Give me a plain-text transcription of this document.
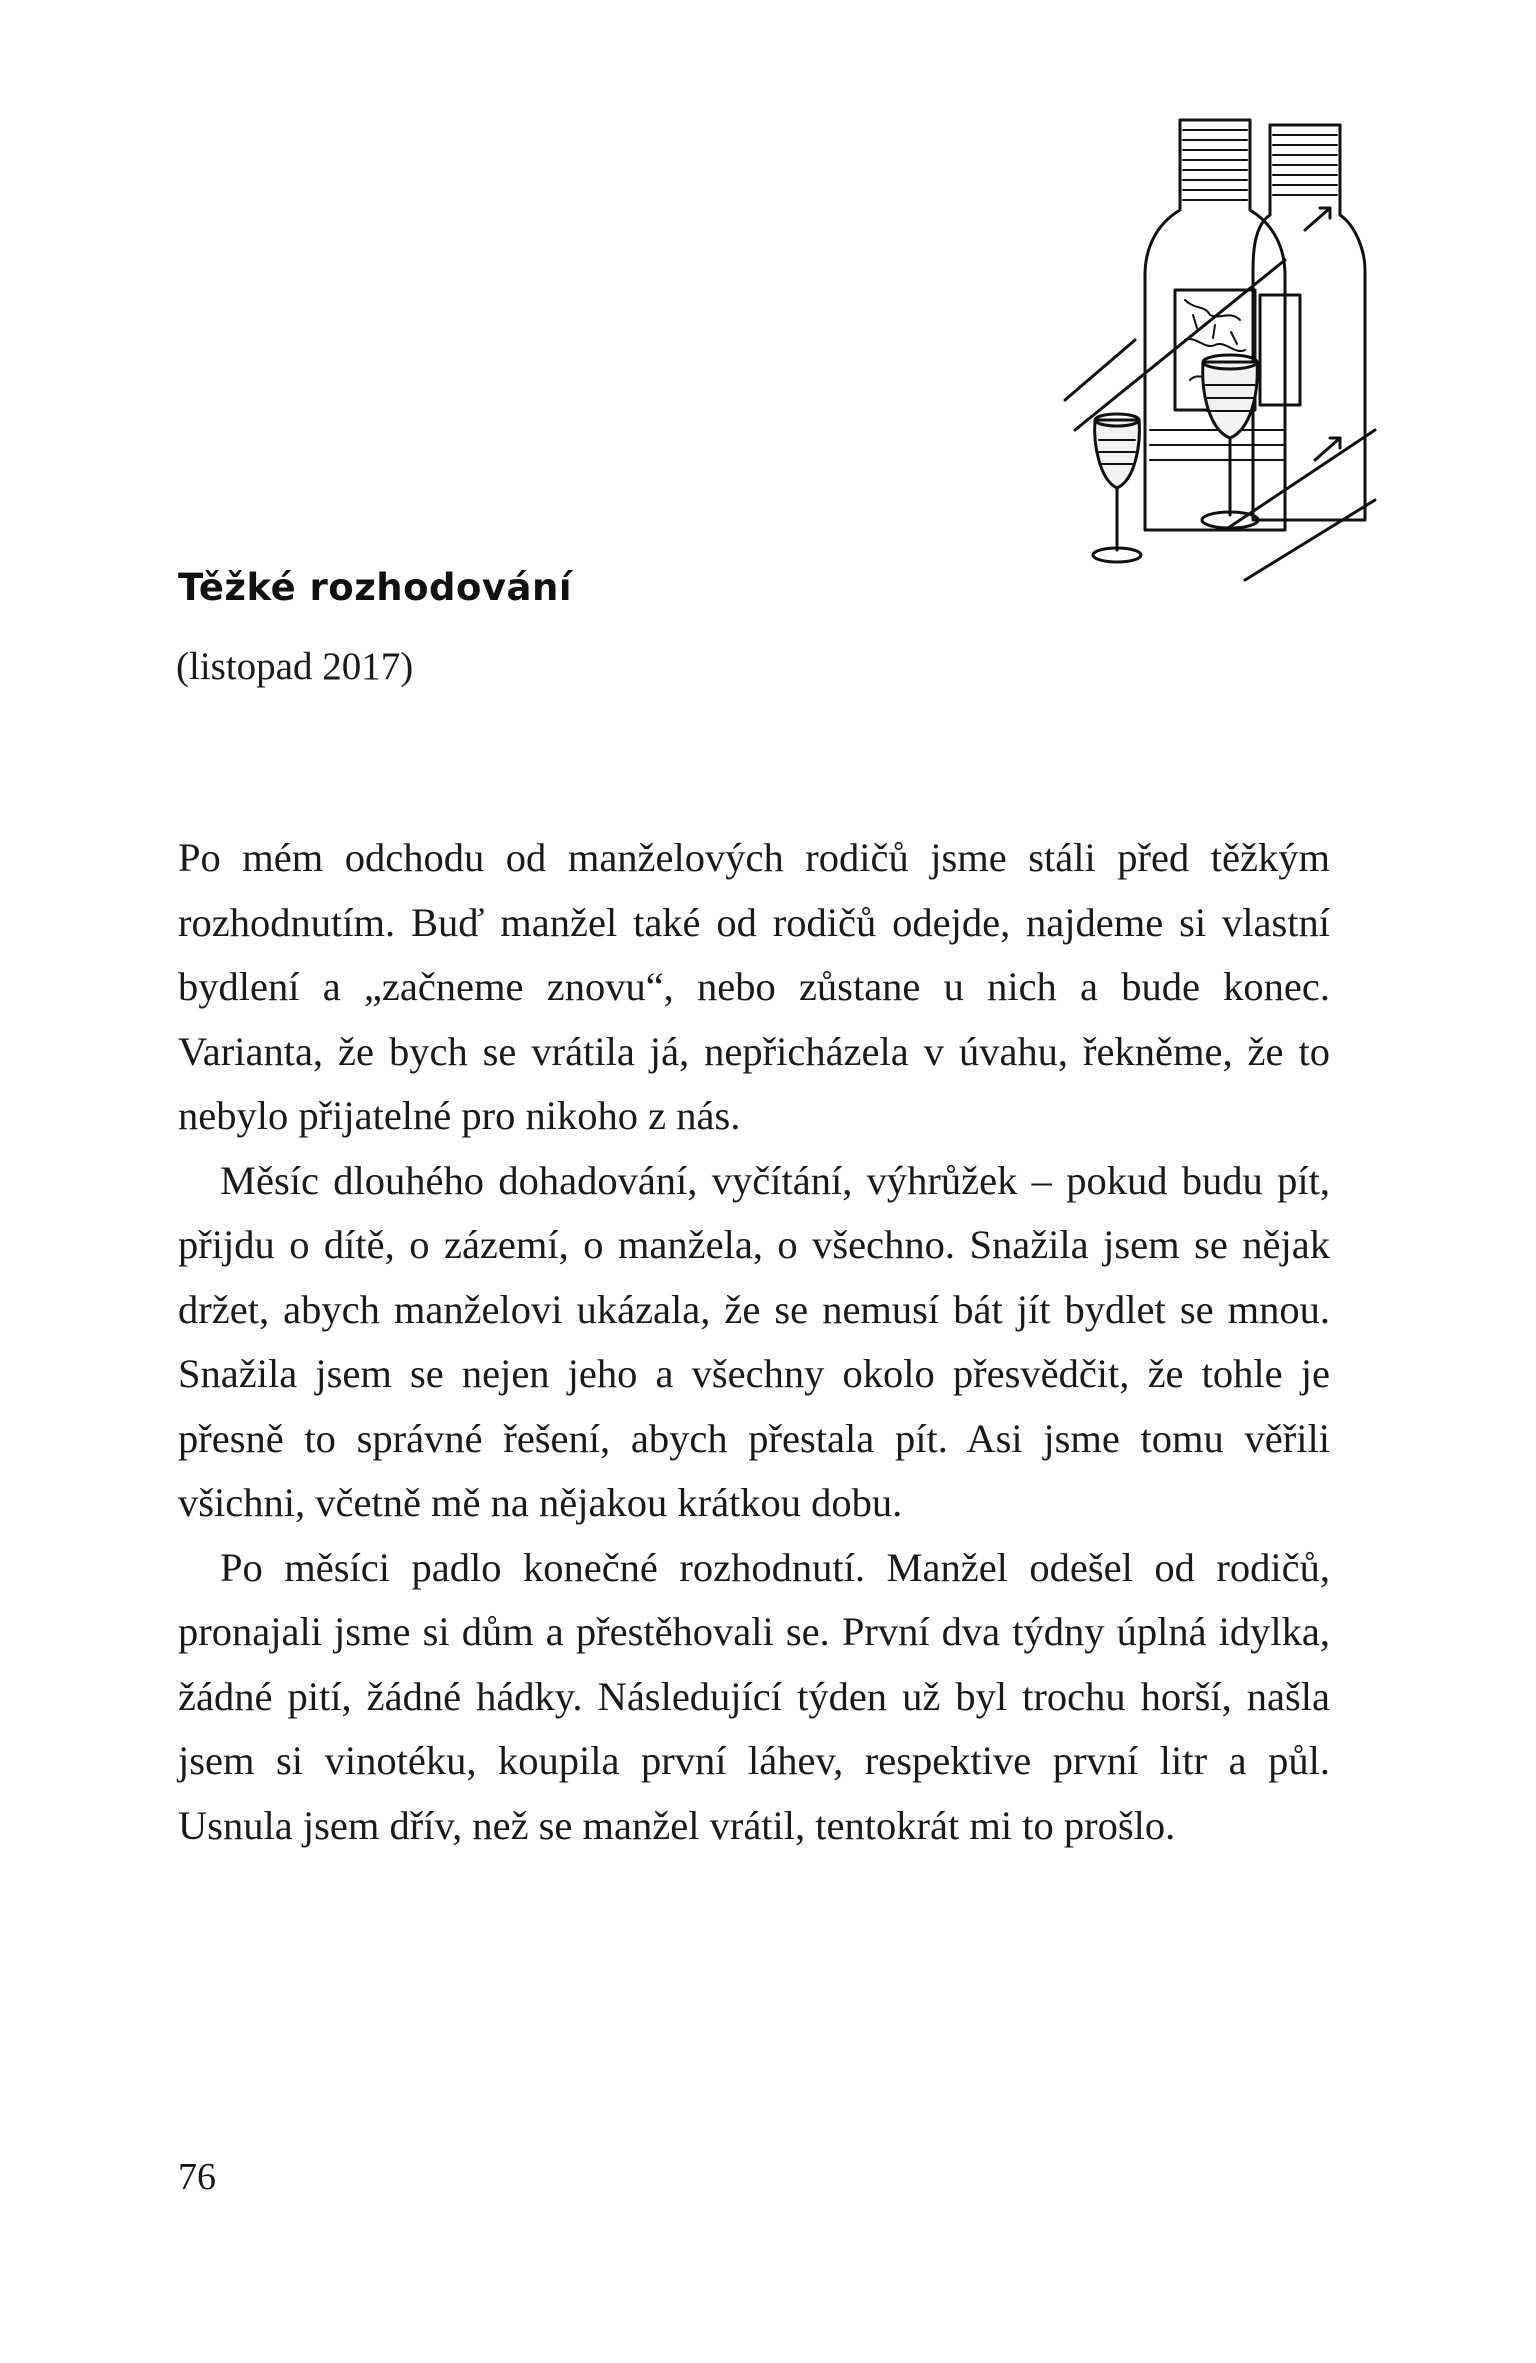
Těžké rozhodování
(listopad 2017)

Po mém odchodu od manželových rodičů jsme stáli před těžkým rozhodnutím. Buď manžel také od rodičů odejde, najdeme si vlastní bydlení a „začneme znovu“, nebo zůstane u nich a bude konec. Varianta, že bych se vrátila já, nepřicházela v úvahu, řekněme, že to nebylo přijatelné pro nikoho z nás.

Měsíc dlouhého dohadování, vyčítání, výhrůžek – pokud budu pít, přijdu o dítě, o zázemí, o manžela, o všechno. Snažila jsem se nějak držet, abych manželovi ukázala, že se nemusí bát jít bydlet se mnou. Snažila jsem se nejen jeho a všechny okolo přesvědčit, že tohle je přesně to správné řešení, abych přestala pít. Asi jsme tomu věřili všichni, včetně mě na nějakou krátkou dobu.

Po měsíci padlo konečné rozhodnutí. Manžel odešel od rodičů, pronajali jsme si dům a přestěhovali se. První dva týdny úplná idylka, žádné pití, žádné hádky. Následující týden už byl trochu horší, našla jsem si vinotéku, koupila první láhev, respektive první litr a půl. Usnula jsem dřív, než se manžel vrátil, tentokrát mi to prošlo.

76
